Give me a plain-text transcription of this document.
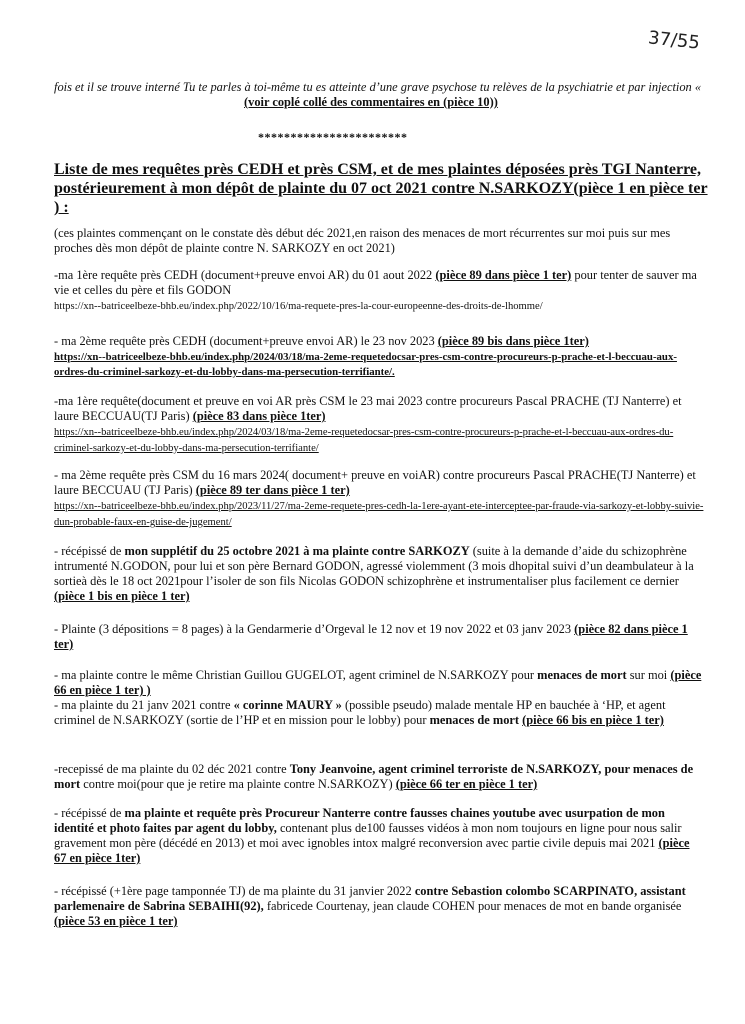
37/55
fois et il se trouve interné Tu te parles à toi-même tu es atteinte d’une grave psychose tu relèves de la psychiatrie et par injection «
(voir coplé collé des commentaires en (pièce 10))
***********************
Liste de mes requêtes près CEDH et près CSM, et de mes plaintes déposées près TGI Nanterre, postérieurement à mon dépôt de plainte du 07 oct 2021 contre N.SARKOZY(pièce 1 en pièce ter ) :
(ces plaintes commençant on le constate dès début déc 2021,en raison des menaces de mort récurrentes sur moi puis sur mes proches dès mon dépôt de plainte contre N. SARKOZY en oct 2021)
-ma 1ère requête près CEDH (document+preuve envoi AR) du 01 aout 2022 (pièce 89 dans pièce 1 ter) pour tenter de sauver ma vie et celles du père et fils GODON
https://xn--batriceelbeze-bhb.eu/index.php/2022/10/16/ma-requete-pres-la-cour-europeenne-des-droits-de-lhomme/
- ma 2ème requête près CEDH (document+preuve envoi AR) le 23 nov 2023 (pièce 89 bis dans pièce 1ter)
https://xn--batriceelbeze-bhb.eu/index.php/2024/03/18/ma-2eme-requetedocsar-pres-csm-contre-procureurs-p-prache-et-l-beccuau-aux-ordres-du-criminel-sarkozy-et-du-lobby-dans-ma-persecution-terrifiante/.
-ma 1ère requête(document et preuve en voi AR près CSM le 23 mai 2023 contre procureurs Pascal PRACHE (TJ Nanterre) et laure BECCUAU(TJ Paris) (pièce 83 dans pièce 1ter)
https://xn--batriceelbeze-bhb.eu/index.php/2024/03/18/ma-2eme-requetedocsar-pres-csm-contre-procureurs-p-prache-et-l-beccuau-aux-ordres-du-criminel-sarkozy-et-du-lobby-dans-ma-persecution-terrifiante/
- ma 2ème requête près CSM du 16 mars 2024( document+ preuve en voiAR) contre procureurs Pascal PRACHE(TJ Nanterre) et laure BECCUAU (TJ Paris) (pièce 89 ter dans pièce 1 ter)
https://xn--batriceelbeze-bhb.eu/index.php/2023/11/27/ma-2eme-requete-pres-cedh-la-1ere-ayant-ete-interceptee-par-fraude-via-sarkozy-et-lobby-suivie-dun-probable-faux-en-guise-de-jugement/
- récépissé de mon supplétif du 25 octobre 2021 à ma plainte contre SARKOZY (suite à la demande d’aide du schizophrène intrumenté N.GODON, pour lui et son père Bernard GODON, agressé violemment (3 mois dhopital suivi d’un deambulateur à la sortieà dès le 18 oct 2021pour l’isoler de son fils Nicolas GODON schizophrène et instrumentaliser plus facilement ce dernier (pièce 1 bis en pièce 1 ter)
- Plainte (3 dépositions = 8 pages) à la Gendarmerie d’Orgeval le 12 nov et 19 nov 2022 et 03 janv 2023 (pièce 82 dans pièce 1 ter)
- ma plainte contre le même Christian Guillou GUGELOT, agent criminel de N.SARKOZY pour menaces de mort sur moi (pièce 66 en pièce 1 ter) )
- ma plainte du 21 janv 2021 contre « corinne MAURY » (possible pseudo) malade mentale HP en bauchée à ‘HP, et agent criminel de N.SARKOZY (sortie de l’HP et en mission pour le lobby) pour menaces de mort (pièce 66 bis en pièce 1 ter)
-recepissé de ma plainte du 02 déc 2021 contre Tony Jeanvoine, agent criminel terroriste de N.SARKOZY, pour menaces de mort contre moi(pour que je retire ma plainte contre N.SARKOZY) (pièce 66 ter en pièce 1 ter)
- récépissé de ma plainte et requête près Procureur Nanterre contre fausses chaines youtube avec usurpation de mon identité et photo faites par agent du lobby, contenant plus de100 fausses vidéos à mon nom toujours en ligne pour nous salir gravement mon père (décédé en 2013) et moi avec ignobles intox malgré reconversion avec partie civile depuis mai 2021 (pièce 67 en pièce 1ter)
- récépissé (+1ère page tamponnée TJ) de ma plainte du 31 janvier 2022 contre Sebastion colombo SCARPINATO, assistant parlemenaire de Sabrina SEBAIHI(92), fabricede Courtenay, jean claude COHEN pour menaces de mot en bande organisée (pièce 53 en pièce 1 ter)
